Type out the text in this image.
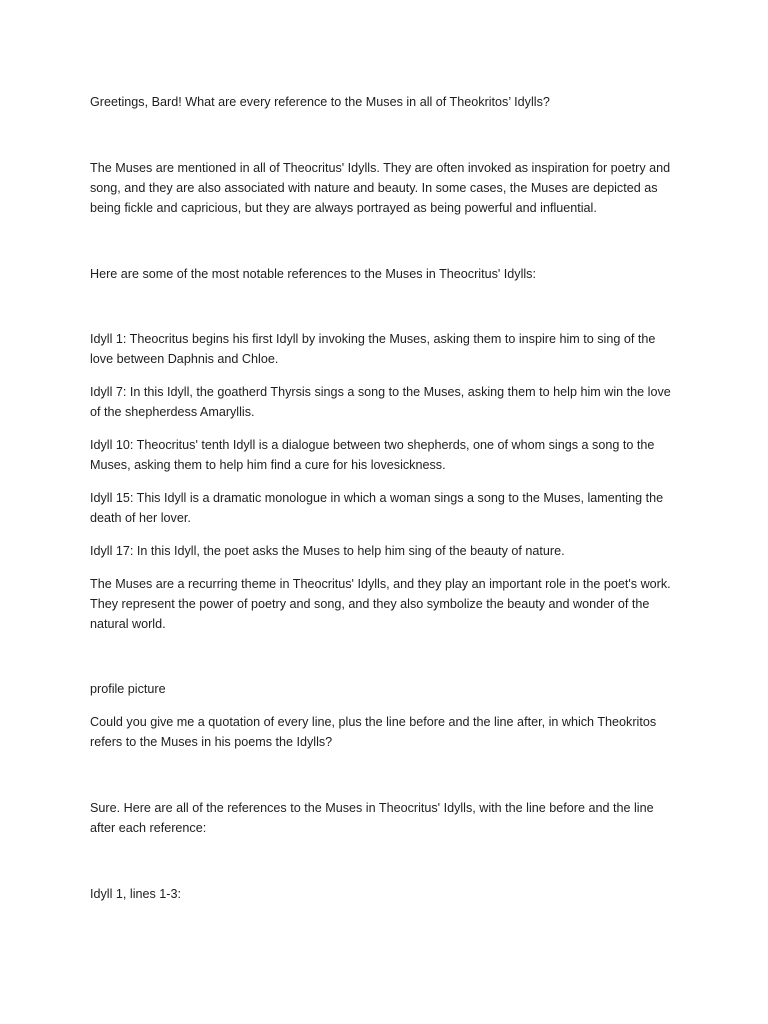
Greetings, Bard! What are every reference to the Muses in all of Theokritos’ Idylls?

The Muses are mentioned in all of Theocritus' Idylls. They are often invoked as inspiration for poetry and song, and they are also associated with nature and beauty. In some cases, the Muses are depicted as being fickle and capricious, but they are always portrayed as being powerful and influential.

Here are some of the most notable references to the Muses in Theocritus' Idylls:

Idyll 1: Theocritus begins his first Idyll by invoking the Muses, asking them to inspire him to sing of the love between Daphnis and Chloe.

Idyll 7: In this Idyll, the goatherd Thyrsis sings a song to the Muses, asking them to help him win the love of the shepherdess Amaryllis.

Idyll 10: Theocritus' tenth Idyll is a dialogue between two shepherds, one of whom sings a song to the Muses, asking them to help him find a cure for his lovesickness.

Idyll 15: This Idyll is a dramatic monologue in which a woman sings a song to the Muses, lamenting the death of her lover.

Idyll 17: In this Idyll, the poet asks the Muses to help him sing of the beauty of nature.

The Muses are a recurring theme in Theocritus' Idylls, and they play an important role in the poet's work. They represent the power of poetry and song, and they also symbolize the beauty and wonder of the natural world.

profile picture

Could you give me a quotation of every line, plus the line before and the line after, in which Theokritos refers to the Muses in his poems the Idylls?

Sure. Here are all of the references to the Muses in Theocritus' Idylls, with the line before and the line after each reference:

Idyll 1, lines 1-3:
